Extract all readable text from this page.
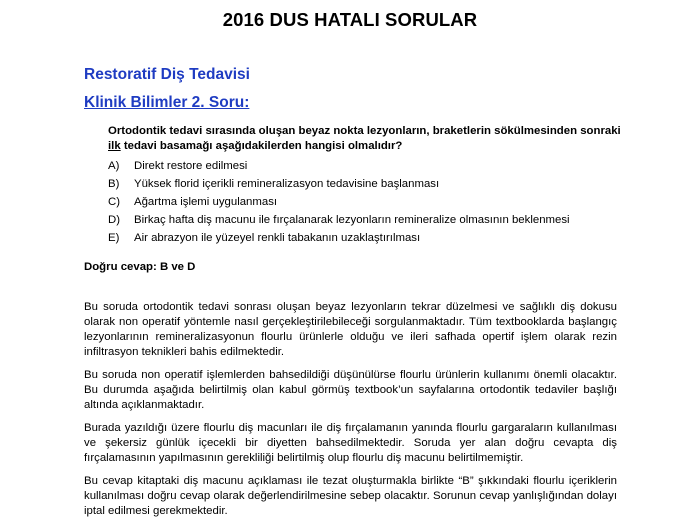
2016 DUS HATALI SORULAR
Restoratif Diş Tedavisi
Klinik Bilimler 2. Soru:
Ortodontik tedavi sırasında oluşan beyaz nokta lezyonların, braketlerin sökülmesinden sonraki ilk tedavi basamağı aşağıdakilerden hangisi olmalıdır?
A) Direkt restore edilmesi
B) Yüksek florid içerikli remineralizasyon tedavisine başlanması
C) Ağartma işlemi uygulanması
D) Birkaç hafta diş macunu ile fırçalanarak lezyonların remineralize olmasının beklenmesi
E) Air abrazyon ile yüzeyel renkli tabakanın uzaklaştırılması
Doğru cevap: B ve D

Bu soruda ortodontik tedavi sonrası oluşan beyaz lezyonların tekrar düzelmesi ve sağlıklı diş dokusu olarak non operatif yöntemle nasıl gerçekleştirilebileceği sorgulanmaktadır. Tüm textbooklarda başlangıç lezyonlarının remineralizasyonun flourlu ürünlerle olduğu ve ileri safhada opertif işlem olarak rezin infiltrasyon teknikleri bahis edilmektedir.

Bu soruda non operatif işlemlerden bahsedildiği düşünülürse flourlu ürünlerin kullanımı önemli olacaktır. Bu durumda aşağıda belirtilmiş olan kabul görmüş textbook’un sayfalarına ortodontik tedaviler başlığı altında açıklanmaktadır.

Burada yazıldığı üzere flourlu diş macunları ile diş fırçalamanın yanında flourlu gargaraların kullanılması ve şekersiz günlük içecekli bir diyetten bahsedilmektedir. Soruda yer alan doğru cevapta diş fırçalamasının yapılmasının gerekliliği belirtilmiş olup flourlu diş macunu belirtilmemiştir.

Bu cevap kitaptaki diş macunu açıklaması ile tezat oluşturmakla birlikte “B” şıkkındaki flourlu içeriklerin kullanılması doğru cevap olarak değerlendirilmesine sebep olacaktır. Sorunun cevap yanlışlığından dolayı iptal edilmesi gerekmektedir.
